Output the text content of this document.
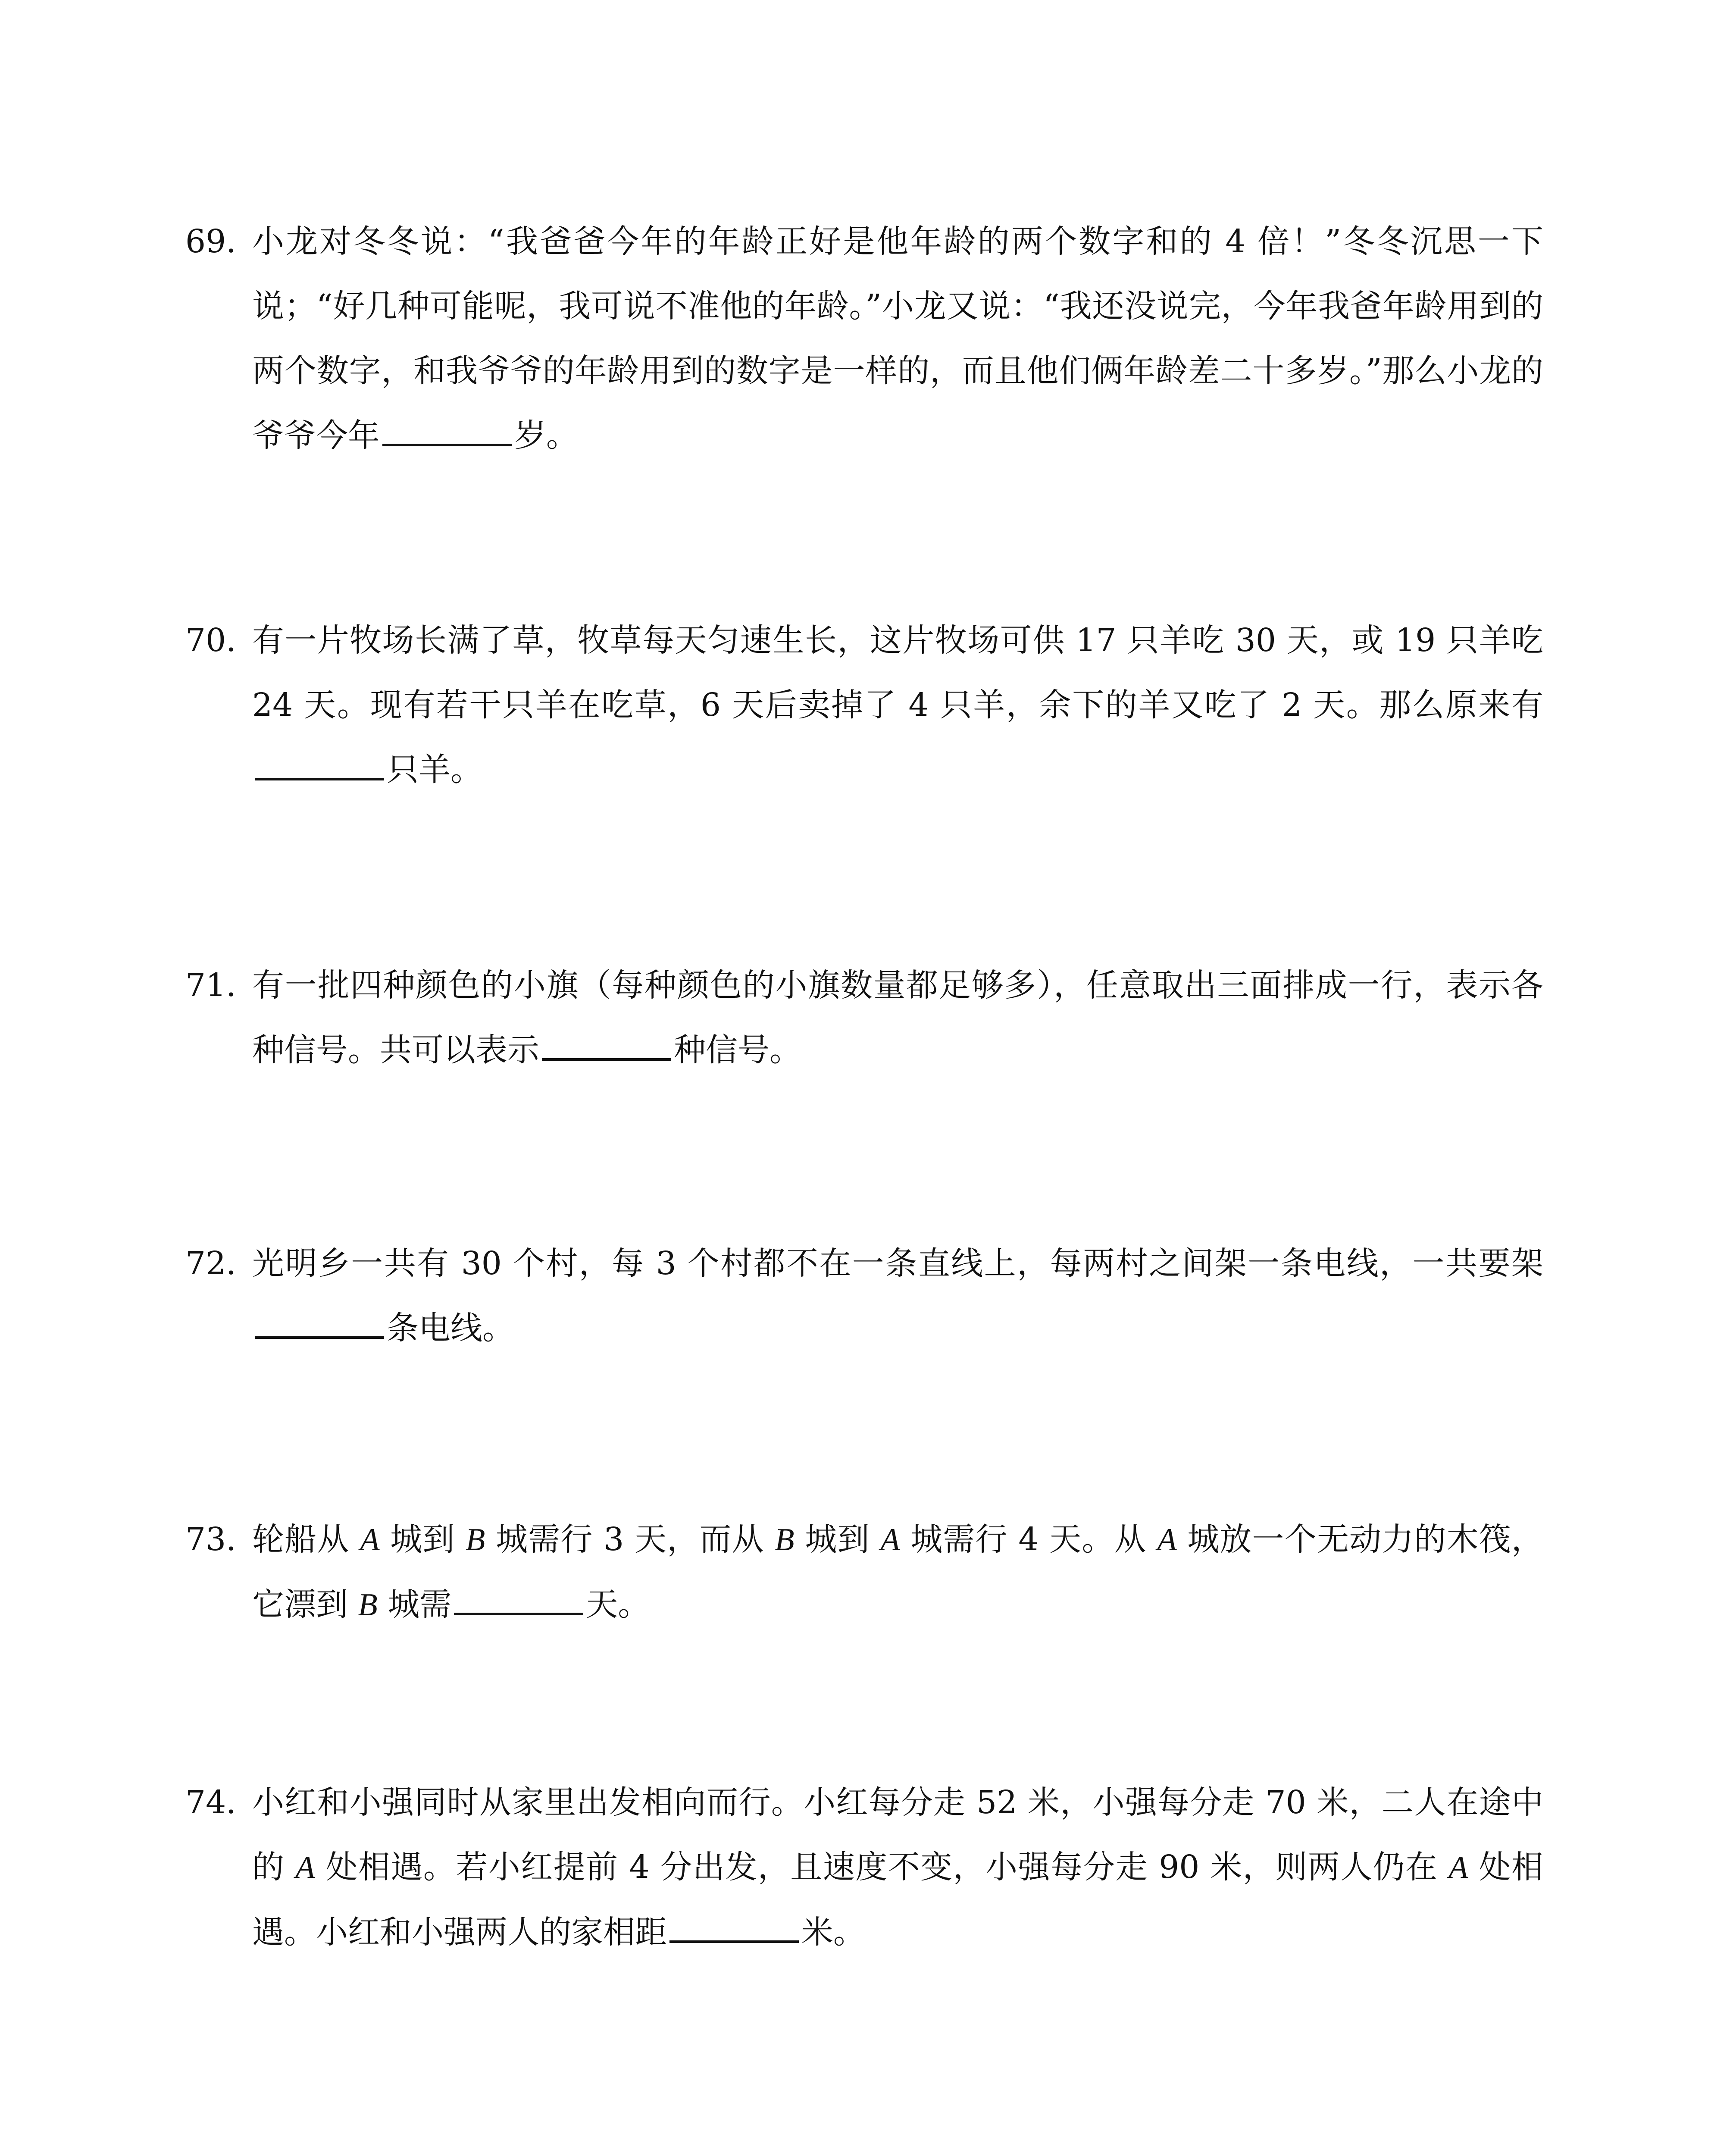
69. 小龙对冬冬说：“我爸爸今年的年龄正好是他年龄的两个数字和的 4 倍！”冬冬沉思一下说；“好几种可能呢，我可说不准他的年龄。”小龙又说：“我还没说完，今年我爸年龄用到的两个数字，和我爷爷的年龄用到的数字是一样的，而且他们俩年龄差二十多岁。”那么小龙的爷爷今年	岁。
70. 有一片牧场长满了草，牧草每天匀速生长，这片牧场可供 17 只羊吃 30 天，或 19 只羊吃 24 天。现有若干只羊在吃草，6 天后卖掉了 4 只羊，余下的羊又吃了 2 天。那么原来有只羊。
71. 有一批四种颜色的小旗（每种颜色的小旗数量都足够多），任意取出三面排成一行，表示各种信号。共可以表示	种信号。
72. 光明乡一共有 30 个村，每 3 个村都不在一条直线上，每两村之间架一条电线，一共要架条电线。
73. 轮船从 A 城到 B 城需行 3 天，而从 B 城到 A 城需行 4 天。从 A 城放一个无动力的木筏，它漂到 B 城需	天。
74. 小红和小强同时从家里出发相向而行。小红每分走 52 米，小强每分走 70 米，二人在途中的 A 处相遇。若小红提前 4 分出发，且速度不变，小强每分走 90 米，则两人仍在 A 处相遇。小红和小强两人的家相距	米。
